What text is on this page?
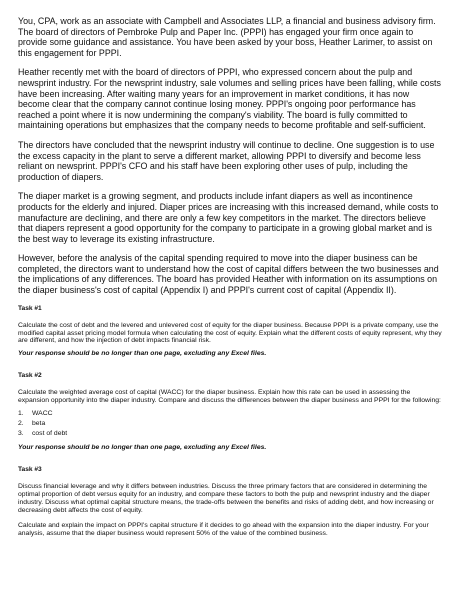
You, CPA, work as an associate with Campbell and Associates LLP, a financial and business advisory firm. The board of directors of Pembroke Pulp and Paper Inc. (PPPI) has engaged your firm once again to provide some guidance and assistance. You have been asked by your boss, Heather Larimer, to assist on this engagement for PPPI.

Heather recently met with the board of directors of PPPI, who expressed concern about the pulp and newsprint industry. For the newsprint industry, sale volumes and selling prices have been falling, while costs have been increasing. After waiting many years for an improvement in market conditions, it has now become clear that the company cannot continue losing money. PPPI's ongoing poor performance has reached a point where it is now undermining the company's viability. The board is fully committed to maintaining operations but emphasizes that the company needs to become profitable and self-sufficient.

The directors have concluded that the newsprint industry will continue to decline. One suggestion is to use the excess capacity in the plant to serve a different market, allowing PPPI to diversify and become less reliant on newsprint. PPPI's CFO and his staff have been exploring other uses of pulp, including the production of diapers.

The diaper market is a growing segment, and products include infant diapers as well as incontinence products for the elderly and injured. Diaper prices are increasing with this increased demand, while costs to manufacture are declining, and there are only a few key competitors in the market. The directors believe that diapers represent a good opportunity for the company to participate in a growing global market and is the best way to leverage its existing infrastructure.

However, before the analysis of the capital spending required to move into the diaper business can be completed, the directors want to understand how the cost of capital differs between the two businesses and the implications of any differences. The board has provided Heather with information on its assumptions on the diaper business's cost of capital (Appendix I) and PPPI's current cost of capital (Appendix II).

Task #1

Calculate the cost of debt and the levered and unlevered cost of equity for the diaper business. Because PPPI is a private company, use the modified capital asset pricing model formula when calculating the cost of equity. Explain what the different costs of equity represent, why they are different, and how the injection of debt impacts financial risk.

Your response should be no longer than one page, excluding any Excel files.

Task #2

Calculate the weighted average cost of capital (WACC) for the diaper business. Explain how this rate can be used in assessing the expansion opportunity into the diaper industry. Compare and discuss the differences between the diaper business and PPPI for the following:

1.	WACC
2.	beta
3.	cost of debt

Your response should be no longer than one page, excluding any Excel files.

Task #3

Discuss financial leverage and why it differs between industries. Discuss the three primary factors that are considered in determining the optimal proportion of debt versus equity for an industry, and compare these factors to both the pulp and newsprint industry and the diaper industry. Discuss what optimal capital structure means, the trade-offs between the benefits and risks of adding debt, and how increasing or decreasing debt affects the cost of equity.

Calculate and explain the impact on PPPI's capital structure if it decides to go ahead with the expansion into the diaper industry. For your analysis, assume that the diaper business would represent 50% of the value of the combined business.
